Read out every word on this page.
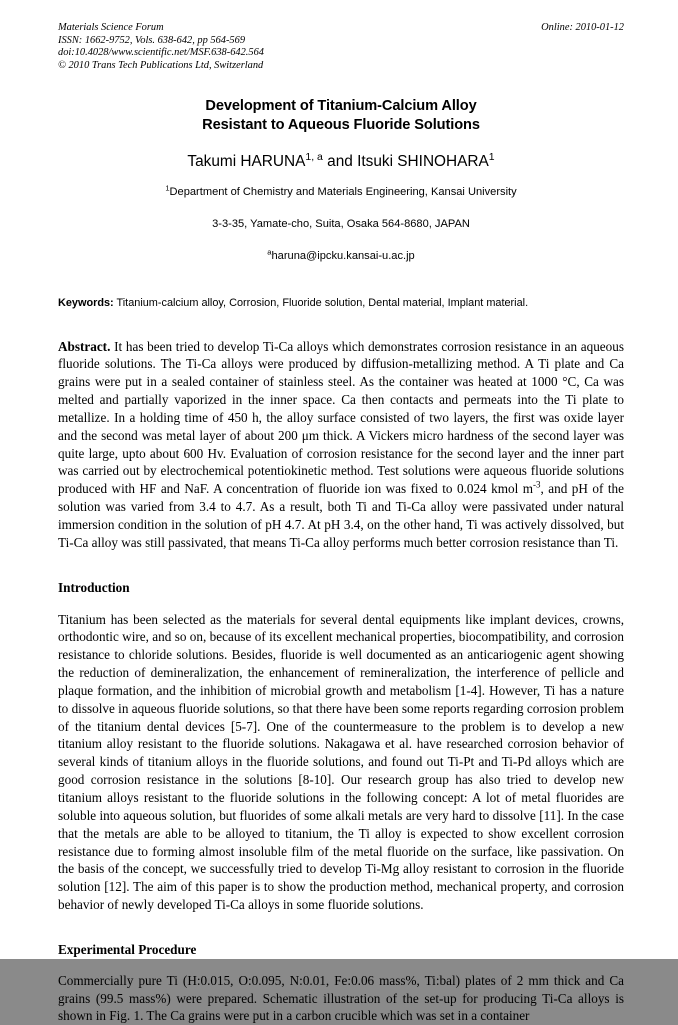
Online: 2010-01-12
Materials Science Forum
ISSN: 1662-9752, Vols. 638-642, pp 564-569
doi:10.4028/www.scientific.net/MSF.638-642.564
© 2010 Trans Tech Publications Ltd, Switzerland
Development of Titanium-Calcium Alloy
Resistant to Aqueous Fluoride Solutions
Takumi HARUNA$^{1, a}$ and Itsuki SHINOHARA$^1$
$^1$Department of Chemistry and Materials Engineering, Kansai University
3-3-35, Yamate-cho, Suita, Osaka 564-8680, JAPAN
$^a$haruna@ipcku.kansai-u.ac.jp
Keywords: Titanium-calcium alloy, Corrosion, Fluoride solution, Dental material, Implant material.
Abstract. It has been tried to develop Ti-Ca alloys which demonstrates corrosion resistance in an aqueous fluoride solutions. The Ti-Ca alloys were produced by diffusion-metallizing method. A Ti plate and Ca grains were put in a sealed container of stainless steel. As the container was heated at 1000 °C, Ca was melted and partially vaporized in the inner space. Ca then contacts and permeats into the Ti plate to metallize. In a holding time of 450 h, the alloy surface consisted of two layers, the first was oxide layer and the second was metal layer of about 200 μm thick. A Vickers micro hardness of the second layer was quite large, upto about 600 Hv. Evaluation of corrosion resistance for the second layer and the inner part was carried out by electrochemical potentiokinetic method. Test solutions were aqueous fluoride solutions produced with HF and NaF. A concentration of fluoride ion was fixed to 0.024 kmol $m^{-3}$, and pH of the solution was varied from 3.4 to 4.7. As a result, both Ti and Ti-Ca alloy were passivated under natural immersion condition in the solution of pH 4.7. At pH 3.4, on the other hand, Ti was actively dissolved, but Ti-Ca alloy was still passivated, that means Ti-Ca alloy performs much better corrosion resistance than Ti.
Introduction
Titanium has been selected as the materials for several dental equipments like implant devices, crowns, orthodontic wire, and so on, because of its excellent mechanical properties, biocompatibility, and corrosion resistance to chloride solutions. Besides, fluoride is well documented as an anticariogenic agent showing the reduction of demineralization, the enhancement of remineralization, the interference of pellicle and plaque formation, and the inhibition of microbial growth and metabolism [1-4]. However, Ti has a nature to dissolve in aqueous fluoride solutions, so that there have been some reports regarding corrosion problem of the titanium dental devices [5-7]. One of the countermeasure to the problem is to develop a new titanium alloy resistant to the fluoride solutions. Nakagawa et al. have researched corrosion behavior of several kinds of titanium alloys in the fluoride solutions, and found out Ti-Pt and Ti-Pd alloys which are good corrosion resistance in the solutions [8-10]. Our research group has also tried to develop new titanium alloys resistant to the fluoride solutions in the following concept: A lot of metal fluorides are soluble into aqueous solution, but fluorides of some alkali metals are very hard to dissolve [11]. In the case that the metals are able to be alloyed to titanium, the Ti alloy is expected to show excellent corrosion resistance due to forming almost insoluble film of the metal fluoride on the surface, like passivation. On the basis of the concept, we successfully tried to develop Ti-Mg alloy resistant to corrosion in the fluoride solution [12]. The aim of this paper is to show the production method, mechanical property, and corrosion behavior of newly developed Ti-Ca alloys in some fluoride solutions.
Experimental Procedure
Commercially pure Ti (H:0.015, O:0.095, N:0.01, Fe:0.06 mass%, Ti:bal) plates of 2 mm thick and Ca grains (99.5 mass%) were prepared. Schematic illustration of the set-up for producing Ti-Ca alloys is shown in Fig. 1. The Ca grains were put in a carbon crucible which was set in a container
